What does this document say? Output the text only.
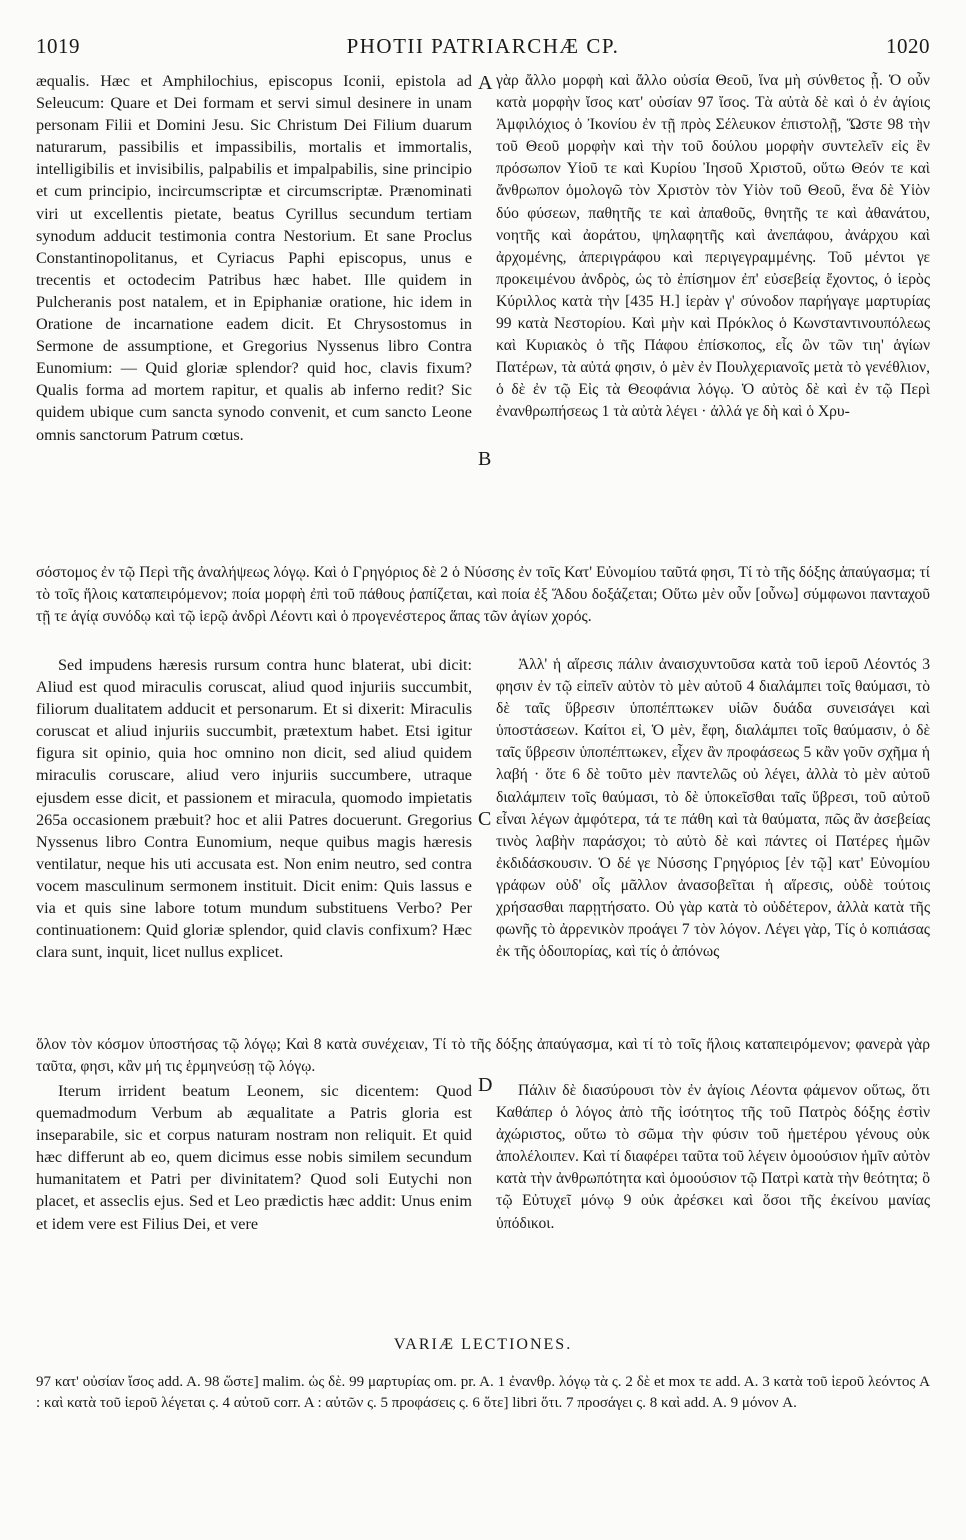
1019	PHOTII PATRIARCHÆ CP.	1020
A
B
C
D

æqualis. Hæc et Amphilochius, episcopus Iconii, epistola ad Seleucum: Quare et Dei formam et servi simul desinere in unam personam Filii et Domini Jesu. Sic Christum Dei Filium duarum naturarum, passibilis et impassibilis, mortalis et immortalis, intelligibilis et invisibilis, palpabilis et impalpabilis, sine principio et cum principio, incircumscriptæ et circumscriptæ. Prænominati viri ut excellentis pietate, beatus Cyrillus secundum tertiam synodum adducit testimonia contra Nestorium. Et sane Proclus Constantinopolitanus, et Cyriacus Paphi episcopus, unus e trecentis et octodecim Patribus hæc habet. Ille quidem in Pulcheranis post natalem, et in Epiphaniæ oratione, hic idem in Oratione de incarnatione eadem dicit. Et Chrysostomus in Sermone de assumptione, et Gregorius Nyssenus libro Contra Eunomium: — Quid gloriæ splendor? quid hoc, clavis fixum? Qualis forma ad mortem rapitur, et qualis ab inferno redit? Sic quidem ubique cum sancta synodo convenit, et cum sancto Leone omnis sanctorum Patrum cœtus.

γὰρ ἄλλο μορφὴ καὶ ἄλλο οὐσία Θεοῦ, ἵνα μὴ σύνθετος ᾖ. Ὁ οὖν κατὰ μορφὴν ἴσος κατ' οὐσίαν 97 ἴσος. Τὰ αὐτὰ δὲ καὶ ὁ ἐν ἁγίοις Ἀμφιλόχιος ὁ Ἰκονίου ἐν τῇ πρὸς Σέλευκον ἐπιστολῇ, Ὥστε 98 τὴν τοῦ Θεοῦ μορφὴν καὶ τὴν τοῦ δούλου μορφὴν συντελεῖν εἰς ἓν πρόσωπον Υἱοῦ τε καὶ Κυρίου Ἰησοῦ Χριστοῦ, οὕτω Θεόν τε καὶ ἄνθρωπον ὁμολογῶ τὸν Χριστὸν τὸν Υἱὸν τοῦ Θεοῦ, ἕνα δὲ Υἱὸν δύο φύσεων, παθητῆς τε καὶ ἀπαθοῦς, θνητῆς τε καὶ ἀθανάτου, νοητῆς καὶ ἀοράτου, ψηλαφητῆς καὶ ἀνεπάφου, ἀνάρχου καὶ ἀρχομένης, ἀπεριγράφου καὶ περιγεγραμμένης. Τοῦ μέντοι γε προκειμένου ἀνδρὸς, ὡς τὸ ἐπίσημον ἐπ' εὐσεβείᾳ ἔχοντος, ὁ ἱερὸς Κύριλλος κατὰ τὴν [435 H.] ἱερὰν γ' σύνοδον παρήγαγε μαρτυρίας 99 κατὰ Νεστορίου. Καὶ μὴν καὶ Πρόκλος ὁ Κωνσταντινουπόλεως καὶ Κυριακὸς ὁ τῆς Πάφου ἐπίσκοπος, εἷς ὢν τῶν τιη' ἁγίων Πατέρων, τὰ αὐτά φησιν, ὁ μὲν ἐν Πουλχεριανοῖς μετὰ τὸ γενέθλιον, ὁ δὲ ἐν τῷ Εἰς τὰ Θεοφάνια λόγῳ. Ὁ αὐτὸς δὲ καὶ ἐν τῷ Περὶ ἐνανθρωπήσεως 1 τὰ αὐτὰ λέγει · ἀλλά γε δὴ καὶ ὁ Χρυ-

σόστομος ἐν τῷ Περὶ τῆς ἀναλήψεως λόγῳ. Καὶ ὁ Γρηγόριος δὲ 2 ὁ Νύσσης ἐν τοῖς Κατ' Εὐνομίου ταῦτά φησι, Τί τὸ τῆς δόξης ἀπαύγασμα; τί τὸ τοῖς ἥλοις καταπειρόμενον; ποία μορφὴ ἐπὶ τοῦ πάθους ῥαπίζεται, καὶ ποία ἐξ Ἅδου δοξάζεται; Οὕτω μὲν οὖν [οὖνω] σύμφωνοι πανταχοῦ τῇ τε ἁγίᾳ συνόδῳ καὶ τῷ ἱερῷ ἀνδρὶ Λέοντι καὶ ὁ προγενέστερος ἅπας τῶν ἁγίων χορός.

Sed impudens hæresis rursum contra hunc blaterat, ubi dicit: Aliud est quod miraculis coruscat, aliud quod injuriis succumbit, filiorum dualitatem adducit et personarum. Et si dixerit: Miraculis coruscat et aliud injuriis succumbit, prætextum habet. Etsi igitur figura sit opinio, quia hoc omnino non dicit, sed aliud quidem miraculis coruscare, aliud vero injuriis succumbere, utraque ejusdem esse dicit, et passionem et miracula, quomodo impietatis 265a occasionem præbuit? hoc et alii Patres docuerunt. Gregorius Nyssenus libro Contra Eunomium, neque quibus magis hæresis ventilatur, neque his uti accusata est. Non enim neutro, sed contra vocem masculinum sermonem instituit. Dicit enim: Quis lassus e via et quis sine labore totum mundum substituens Verbo? Per continuationem: Quid gloriæ splendor, quid clavis confixum? Hæc clara sunt, inquit, licet nullus explicet.

Ἀλλ' ἡ αἵρεσις πάλιν ἀναισχυντοῦσα κατὰ τοῦ ἱεροῦ Λέοντός 3 φησιν ἐν τῷ εἰπεῖν αὐτὸν τὸ μὲν αὐτοῦ 4 διαλάμπει τοῖς θαύμασι, τὸ δὲ ταῖς ὕβρεσιν ὑποπέπτωκεν υἱῶν δυάδα συνεισάγει καὶ ὑποστάσεων. Καίτοι εἰ, Ὁ μὲν, ἔφη, διαλάμπει τοῖς θαύμασιν, ὁ δὲ ταῖς ὕβρεσιν ὑποπέπτωκεν, εἶχεν ἂν προφάσεως 5 κἂν γοῦν σχῆμα ἡ λαβή · ὅτε 6 δὲ τοῦτο μὲν παντελῶς οὐ λέγει, ἀλλὰ τὸ μὲν αὐτοῦ διαλάμπειν τοῖς θαύμασι, τὸ δὲ ὑποκεῖσθαι ταῖς ὕβρεσι, τοῦ αὐτοῦ εἶναι λέγων ἀμφότερα, τά τε πάθη καὶ τὰ θαύματα, πῶς ἂν ἀσεβείας τινὸς λαβὴν παράσχοι; τὸ αὐτὸ δὲ καὶ πάντες οἱ Πατέρες ἡμῶν ἐκδιδάσκουσιν. Ὁ δέ γε Νύσσης Γρηγόριος [ἐν τῷ] κατ' Εὐνομίου γράφων οὐδ' οἷς μᾶλλον ἀνασοβεῖται ἡ αἵρεσις, οὐδὲ τούτοις χρήσασθαι παρῃτήσατο. Οὐ γὰρ κατὰ τὸ οὐδέτερον, ἀλλὰ κατὰ τῆς φωνῆς τὸ ἀρρενικὸν προάγει 7 τὸν λόγον. Λέγει γὰρ, Τίς ὁ κοπιάσας ἐκ τῆς ὁδοιπορίας, καὶ τίς ὁ ἀπόνως

ὅλον τὸν κόσμον ὑποστήσας τῷ λόγῳ; Καὶ 8 κατὰ συνέχειαν, Τί τὸ τῆς δόξης ἀπαύγασμα, καὶ τί τὸ τοῖς ἥλοις καταπειρόμενον; φανερὰ γὰρ ταῦτα, φησι, κἂν μή τις ἑρμηνεύσῃ τῷ λόγῳ.

Iterum irrident beatum Leonem, sic dicentem: Quod quemadmodum Verbum ab æqualitate a Patris gloria est inseparabile, sic et corpus naturam nostram non reliquit. Et quid hæc differunt ab eo, quem dicimus esse nobis similem secundum humanitatem et Patri per divinitatem? Quod soli Eutychi non placet, et asseclis ejus. Sed et Leo prædictis hæc addit: Unus enim et idem vere est Filius Dei, et vere

Πάλιν δὲ διασύρουσι τὸν ἐν ἁγίοις Λέοντα φάμενον οὕτως, ὅτι Καθάπερ ὁ λόγος ἀπὸ τῆς ἰσότητος τῆς τοῦ Πατρὸς δόξης ἐστὶν ἀχώριστος, οὕτω τὸ σῶμα τὴν φύσιν τοῦ ἡμετέρου γένους οὐκ ἀπολέλοιπεν. Καὶ τί διαφέρει ταῦτα τοῦ λέγειν ὁμοούσιον ἡμῖν αὐτὸν κατὰ τὴν ἀνθρωπότητα καὶ ὁμοούσιον τῷ Πατρὶ κατὰ τὴν θεότητα; ὃ τῷ Εὐτυχεῖ μόνῳ 9 οὐκ ἀρέσκει καὶ ὅσοι τῆς ἐκείνου μανίας ὑπόδικοι.

VARIÆ LECTIONES.
97 κατ' οὐσίαν ἴσος add. A. 98 ὥστε] malim. ὡς δὲ. 99 μαρτυρίας om. pr. A. 1 ἐνανθρ. λόγῳ τὰ ς. 2 δὲ et mox τε add. A. 3 κατὰ τοῦ ἱεροῦ λεόντος A : καὶ κατὰ τοῦ ἱεροῦ λέγεται ς. 4 αὐτοῦ corr. A : αὐτῶν ς. 5 προφάσεις ς. 6 ὅτε] libri ὅτι. 7 προσάγει ς. 8 καὶ add. A. 9 μόνον A.
